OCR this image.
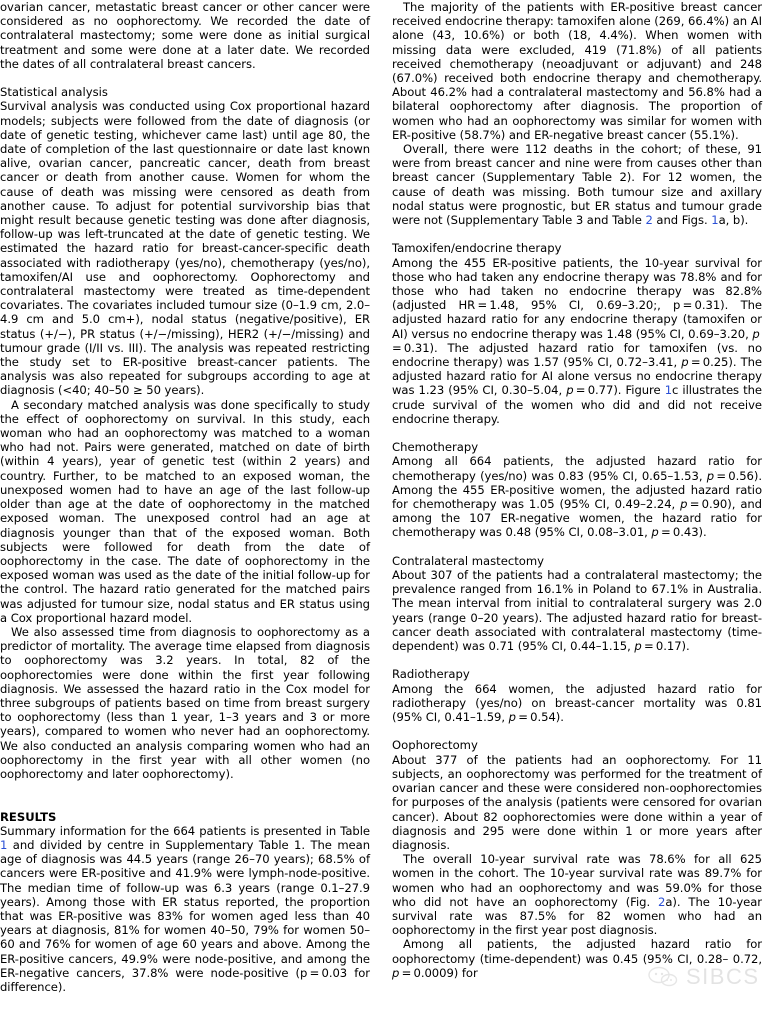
ovarian cancer, metastatic breast cancer or other cancer were considered as no oophorectomy. We recorded the date of contralateral mastectomy; some were done as initial surgical treatment and some were done at a later date. We recorded the dates of all contralateral breast cancers.

Statistical analysis

Survival analysis was conducted using Cox proportional hazard models; subjects were followed from the date of diagnosis (or date of genetic testing, whichever came last) until age 80, the date of completion of the last questionnaire or date last known alive, ovarian cancer, pancreatic cancer, death from breast cancer or death from another cause. Women for whom the cause of death was missing were censored as death from another cause. To adjust for potential survivorship bias that might result because genetic testing was done after diagnosis, follow-up was left-truncated at the date of genetic testing. We estimated the hazard ratio for breast-cancer-specific death associated with radiotherapy (yes/no), chemotherapy (yes/no), tamoxifen/AI use and oophorectomy. Oophorectomy and contralateral mastectomy were treated as time-dependent covariates. The covariates included tumour size (0–1.9 cm, 2.0–4.9 cm and 5.0 cm+), nodal status (negative/positive), ER status (+/−), PR status (+/−/missing), HER2 (+/−/missing) and tumour grade (I/II vs. III). The analysis was repeated restricting the study set to ER-positive breast-cancer patients. The analysis was also repeated for subgroups according to age at diagnosis (<40; 40–50 ≥ 50 years).

A secondary matched analysis was done specifically to study the effect of oophorectomy on survival. In this study, each woman who had an oophorectomy was matched to a woman who had not. Pairs were generated, matched on date of birth (within 4 years), year of genetic test (within 2 years) and country. Further, to be matched to an exposed woman, the unexposed women had to have an age of the last follow-up older than age at the date of oophorectomy in the matched exposed woman. The unexposed control had an age at diagnosis younger than that of the exposed woman. Both subjects were followed for death from the date of oophorectomy in the case. The date of oophorectomy in the exposed woman was used as the date of the initial follow-up for the control. The hazard ratio generated for the matched pairs was adjusted for tumour size, nodal status and ER status using a Cox proportional hazard model.

We also assessed time from diagnosis to oophorectomy as a predictor of mortality. The average time elapsed from diagnosis to oophorectomy was 3.2 years. In total, 82 of the oophorectomies were done within the first year following diagnosis. We assessed the hazard ratio in the Cox model for three subgroups of patients based on time from breast surgery to oophorectomy (less than 1 year, 1–3 years and 3 or more years), compared to women who never had an oophorectomy. We also conducted an analysis comparing women who had an oophorectomy in the first year with all other women (no oophorectomy and later oophorectomy).

RESULTS

Summary information for the 664 patients is presented in Table 1 and divided by centre in Supplementary Table 1. The mean age of diagnosis was 44.5 years (range 26–70 years); 68.5% of cancers were ER-positive and 41.9% were lymph-node-positive. The median time of follow-up was 6.3 years (range 0.1–27.9 years). Among those with ER status reported, the proportion that was ER-positive was 83% for women aged less than 40 years at diagnosis, 81% for women 40–50, 79% for women 50–60 and 76% for women of age 60 years and above. Among the ER-positive cancers, 49.9% were node-positive, and among the ER-negative cancers, 37.8% were node-positive (p = 0.03 for difference).

The majority of the patients with ER-positive breast cancer received endocrine therapy: tamoxifen alone (269, 66.4%) an AI alone (43, 10.6%) or both (18, 4.4%). When women with missing data were excluded, 419 (71.8%) of all patients received chemotherapy (neoadjuvant or adjuvant) and 248 (67.0%) received both endocrine therapy and chemotherapy. About 46.2% had a contralateral mastectomy and 56.8% had a bilateral oophorectomy after diagnosis. The proportion of women who had an oophorectomy was similar for women with ER-positive (58.7%) and ER-negative breast cancer (55.1%).

Overall, there were 112 deaths in the cohort; of these, 91 were from breast cancer and nine were from causes other than breast cancer (Supplementary Table 2). For 12 women, the cause of death was missing. Both tumour size and axillary nodal status were prognostic, but ER status and tumour grade were not (Supplementary Table 3 and Table 2 and Figs. 1a, b).

Tamoxifen/endocrine therapy

Among the 455 ER-positive patients, the 10-year survival for those who had taken any endocrine therapy was 78.8% and for those who had taken no endocrine therapy was 82.8% (adjusted HR = 1.48, 95% CI, 0.69–3.20;, p = 0.31). The adjusted hazard ratio for any endocrine therapy (tamoxifen or AI) versus no endocrine therapy was 1.48 (95% CI, 0.69–3.20, p = 0.31). The adjusted hazard ratio for tamoxifen (vs. no endocrine therapy) was 1.57 (95% CI, 0.72–3.41, p = 0.25). The adjusted hazard ratio for AI alone versus no endocrine therapy was 1.23 (95% CI, 0.30–5.04, p = 0.77). Figure 1c illustrates the crude survival of the women who did and did not receive endocrine therapy.

Chemotherapy

Among all 664 patients, the adjusted hazard ratio for chemotherapy (yes/no) was 0.83 (95% CI, 0.65–1.53, p = 0.56). Among the 455 ER-positive women, the adjusted hazard ratio for chemotherapy was 1.05 (95% CI, 0.49–2.24, p = 0.90), and among the 107 ER-negative women, the hazard ratio for chemotherapy was 0.48 (95% CI, 0.08–3.01, p = 0.43).

Contralateral mastectomy

About 307 of the patients had a contralateral mastectomy; the prevalence ranged from 16.1% in Poland to 67.1% in Australia. The mean interval from initial to contralateral surgery was 2.0 years (range 0–20 years). The adjusted hazard ratio for breast-cancer death associated with contralateral mastectomy (time-dependent) was 0.71 (95% CI, 0.44–1.15, p = 0.17).

Radiotherapy

Among the 664 women, the adjusted hazard ratio for radiotherapy (yes/no) on breast-cancer mortality was 0.81 (95% CI, 0.41–1.59, p = 0.54).

Oophorectomy

About 377 of the patients had an oophorectomy. For 11 subjects, an oophorectomy was performed for the treatment of ovarian cancer and these were considered non-oophorectomies for purposes of the analysis (patients were censored for ovarian cancer). About 82 oophorectomies were done within a year of diagnosis and 295 were done within 1 or more years after diagnosis.

The overall 10-year survival rate was 78.6% for all 625 women in the cohort. The 10-year survival rate was 89.7% for women who had an oophorectomy and was 59.0% for those who did not have an oophorectomy (Fig. 2a). The 10-year survival rate was 87.5% for 82 women who had an oophorectomy in the first year post diagnosis.

Among all patients, the adjusted hazard ratio for oophorectomy (time-dependent) was 0.45 (95% CI, 0.28– 0.72, p = 0.0009) for	SIBCS
